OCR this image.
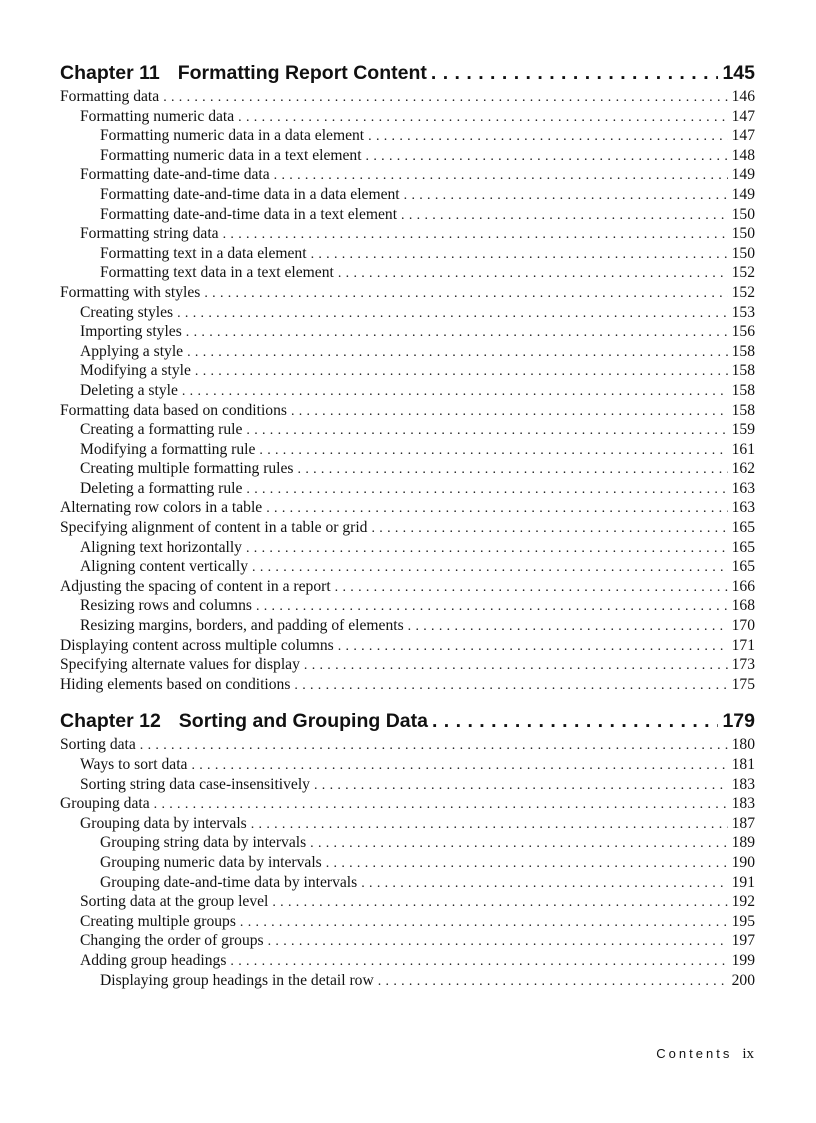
Chapter 11 Formatting Report Content . . .	145
Formatting data . . .	146
Formatting numeric data . . .	147
Formatting numeric data in a data element . . .	147
Formatting numeric data in a text element . . .	148
Formatting date-and-time data . . .	149
Formatting date-and-time data in a data element . . .	149
Formatting date-and-time data in a text element . . .	150
Formatting string data . . .	150
Formatting text in a data element . . .	150
Formatting text data in a text element . . .	152
Formatting with styles . . .	152
Creating styles . . .	153
Importing styles . . .	156
Applying a style . . .	158
Modifying a style . . .	158
Deleting a style . . .	158
Formatting data based on conditions . . .	158
Creating a formatting rule . . .	159
Modifying a formatting rule . . .	161
Creating multiple formatting rules . . .	162
Deleting a formatting rule . . .	163
Alternating row colors in a table . . .	163
Specifying alignment of content in a table or grid . . .	165
Aligning text horizontally . . .	165
Aligning content vertically . . .	165
Adjusting the spacing of content in a report . . .	166
Resizing rows and columns . . .	168
Resizing margins, borders, and padding of elements . . .	170
Displaying content across multiple columns . . .	171
Specifying alternate values for display . . .	173
Hiding elements based on conditions . . .	175
Chapter 12 Sorting and Grouping Data . . .	179
Sorting data . . .	180
Ways to sort data . . .	181
Sorting string data case-insensitively . . .	183
Grouping data . . .	183
Grouping data by intervals . . .	187
Grouping string data by intervals . . .	189
Grouping numeric data by intervals . . .	190
Grouping date-and-time data by intervals . . .	191
Sorting data at the group level . . .	192
Creating multiple groups . . .	195
Changing the order of groups . . .	197
Adding group headings . . .	199
Displaying group headings in the detail row . . .	200
Contents ix
